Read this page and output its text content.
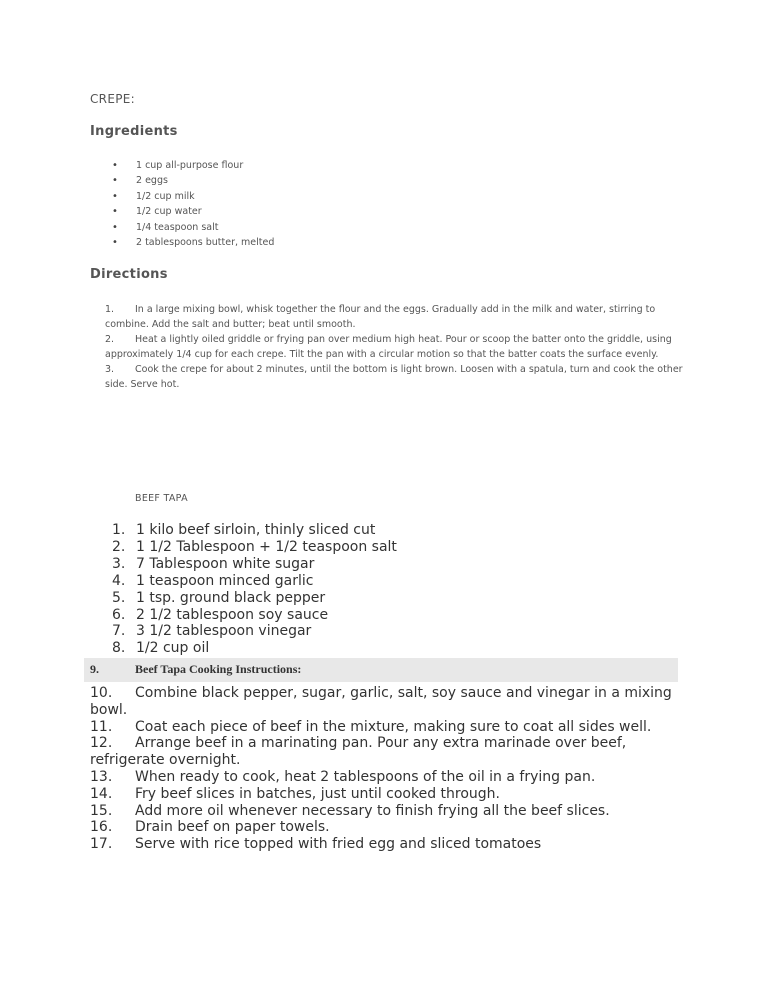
CREPE:
Ingredients
• 1 cup all-purpose flour
• 2 eggs
• 1/2 cup milk
• 1/2 cup water
• 1/4 teaspoon salt
• 2 tablespoons butter, melted
Directions
1. In a large mixing bowl, whisk together the flour and the eggs. Gradually add in the milk and water, stirring to combine. Add the salt and butter; beat until smooth.
2. Heat a lightly oiled griddle or frying pan over medium high heat. Pour or scoop the batter onto the griddle, using approximately 1/4 cup for each crepe. Tilt the pan with a circular motion so that the batter coats the surface evenly.
3. Cook the crepe for about 2 minutes, until the bottom is light brown. Loosen with a spatula, turn and cook the other side. Serve hot.
BEEF TAPA
1. 1 kilo beef sirloin, thinly sliced cut
2. 1 1/2 Tablespoon + 1/2 teaspoon salt
3. 7 Tablespoon white sugar
4. 1 teaspoon minced garlic
5. 1 tsp. ground black pepper
6. 2 1/2 tablespoon soy sauce
7. 3 1/2 tablespoon vinegar
8. 1/2 cup oil
9.	Beef Tapa Cooking Instructions:
10. Combine black pepper, sugar, garlic, salt, soy sauce and vinegar in a mixing bowl.
11. Coat each piece of beef in the mixture, making sure to coat all sides well.
12. Arrange beef in a marinating pan. Pour any extra marinade over beef, refrigerate overnight.
13. When ready to cook, heat 2 tablespoons of the oil in a frying pan.
14. Fry beef slices in batches, just until cooked through.
15. Add more oil whenever necessary to finish frying all the beef slices.
16. Drain beef on paper towels.
17. Serve with rice topped with fried egg and sliced tomatoes
